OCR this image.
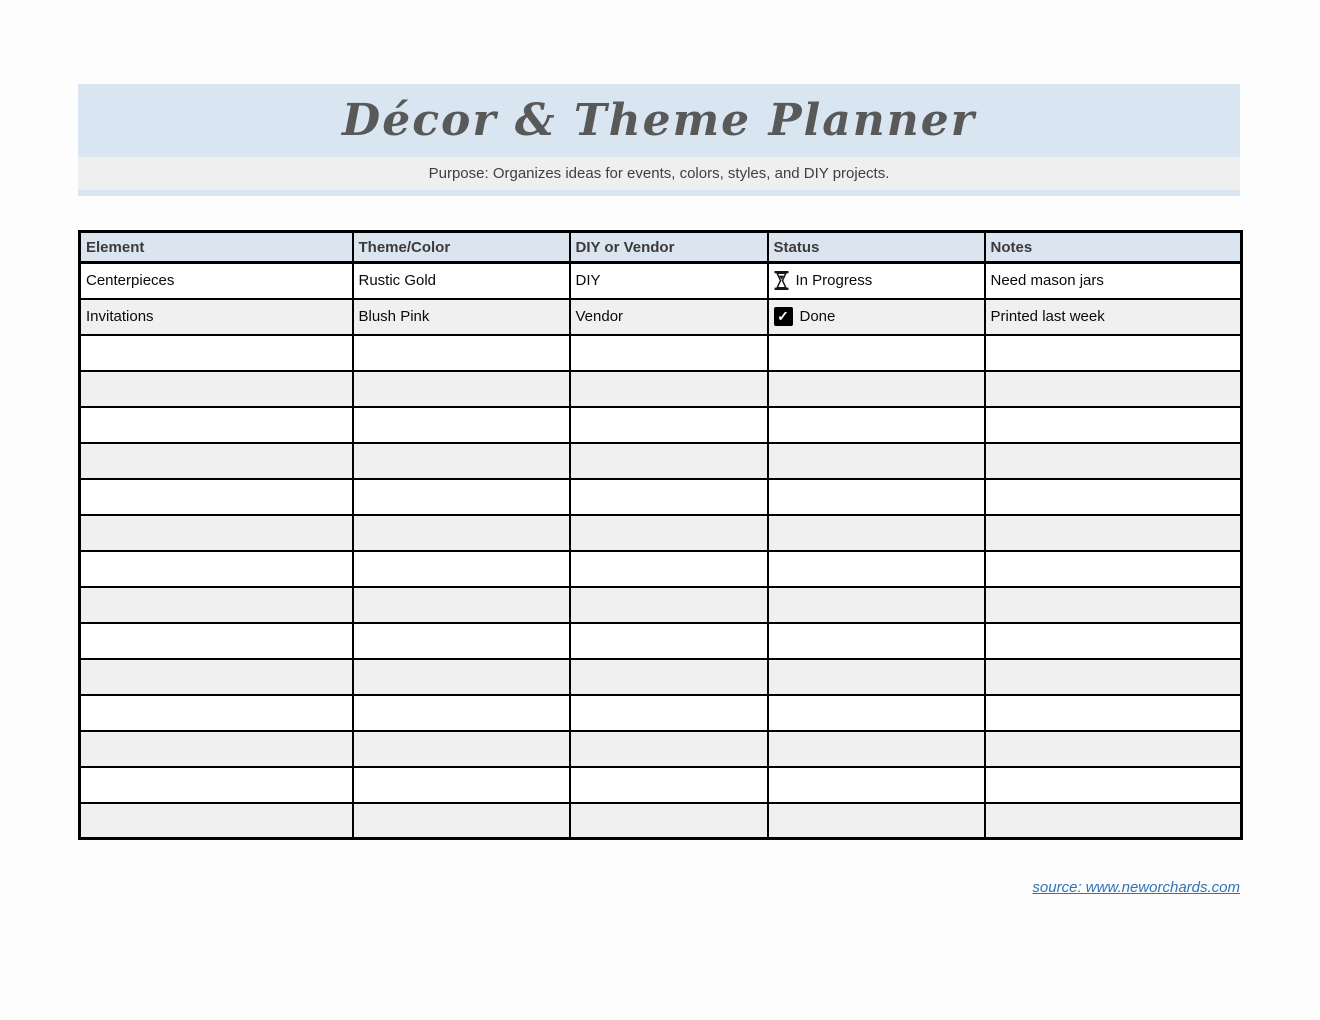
Décor & Theme Planner
Purpose: Organizes ideas for events, colors, styles, and DIY projects.
Element	Theme/Color	DIY or Vendor	Status	Notes
Centerpieces	Rustic Gold	DIY	In Progress	Need mason jars
Invitations	Blush Pink	Vendor	✓ Done	Printed last week

source: www.neworchards.com
